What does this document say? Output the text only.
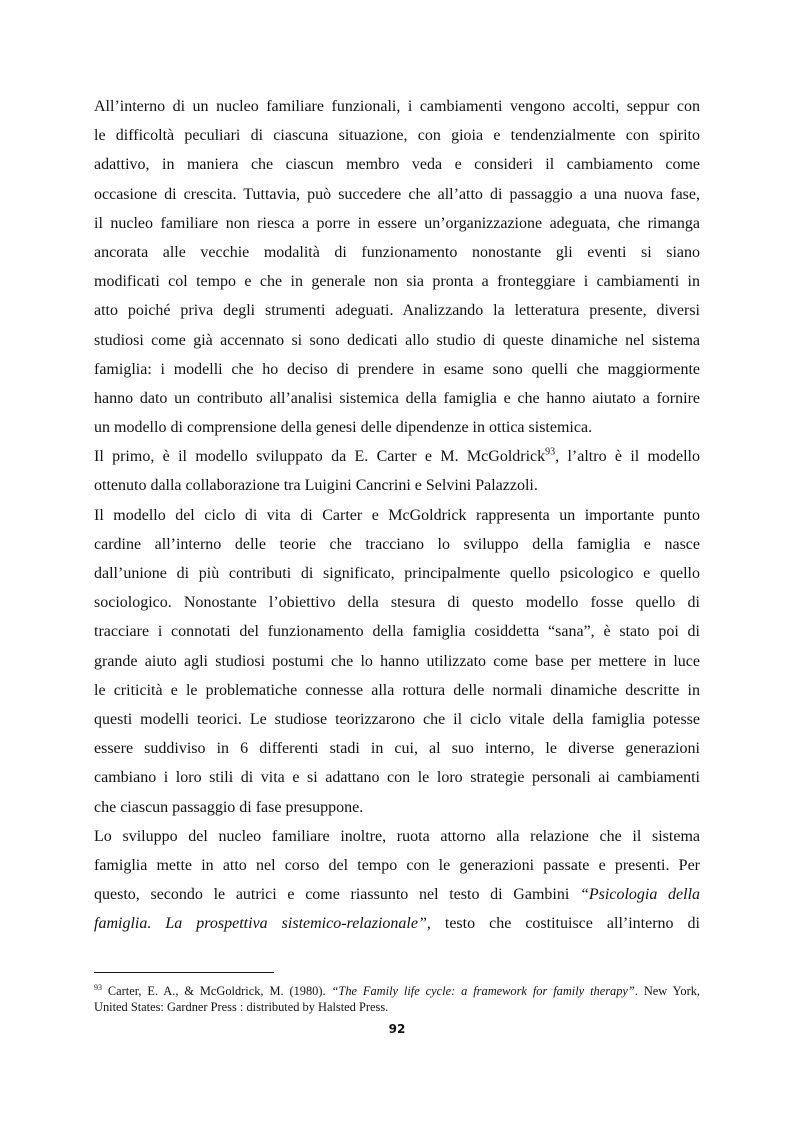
All’interno di un nucleo familiare funzionali, i cambiamenti vengono accolti, seppur con
le difficoltà peculiari di ciascuna situazione, con gioia e tendenzialmente con spirito
adattivo, in maniera che ciascun membro veda e consideri il cambiamento come
occasione di crescita. Tuttavia, può succedere che all’atto di passaggio a una nuova fase,
il nucleo familiare non riesca a porre in essere un’organizzazione adeguata, che rimanga
ancorata alle vecchie modalità di funzionamento nonostante gli eventi si siano
modificati col tempo e che in generale non sia pronta a fronteggiare i cambiamenti in
atto poiché priva degli strumenti adeguati. Analizzando la letteratura presente, diversi
studiosi come già accennato si sono dedicati allo studio di queste dinamiche nel sistema
famiglia: i modelli che ho deciso di prendere in esame sono quelli che maggiormente
hanno dato un contributo all’analisi sistemica della famiglia e che hanno aiutato a fornire
un modello di comprensione della genesi delle dipendenze in ottica sistemica.
Il primo, è il modello sviluppato da E. Carter e M. McGoldrick$^{93}$, l’altro è il modello
ottenuto dalla collaborazione tra Luigini Cancrini e Selvini Palazzoli.
Il modello del ciclo di vita di Carter e McGoldrick rappresenta un importante punto
cardine all’interno delle teorie che tracciano lo sviluppo della famiglia e nasce
dall’unione di più contributi di significato, principalmente quello psicologico e quello
sociologico. Nonostante l’obiettivo della stesura di questo modello fosse quello di
tracciare i connotati del funzionamento della famiglia cosiddetta “sana”, è stato poi di
grande aiuto agli studiosi postumi che lo hanno utilizzato come base per mettere in luce
le criticità e le problematiche connesse alla rottura delle normali dinamiche descritte in
questi modelli teorici. Le studiose teorizzarono che il ciclo vitale della famiglia potesse
essere suddiviso in 6 differenti stadi in cui, al suo interno, le diverse generazioni
cambiano i loro stili di vita e si adattano con le loro strategie personali ai cambiamenti
che ciascun passaggio di fase presuppone.
Lo sviluppo del nucleo familiare inoltre, ruota attorno alla relazione che il sistema
famiglia mette in atto nel corso del tempo con le generazioni passate e presenti. Per
questo, secondo le autrici e come riassunto nel testo di Gambini “Psicologia della
famiglia. La prospettiva sistemico-relazionale”, testo che costituisce all’interno di
$^{93}$ Carter, E. A., & McGoldrick, M. (1980). “The Family life cycle: a framework for family therapy”. New York,
United States: Gardner Press : distributed by Halsted Press.
92
